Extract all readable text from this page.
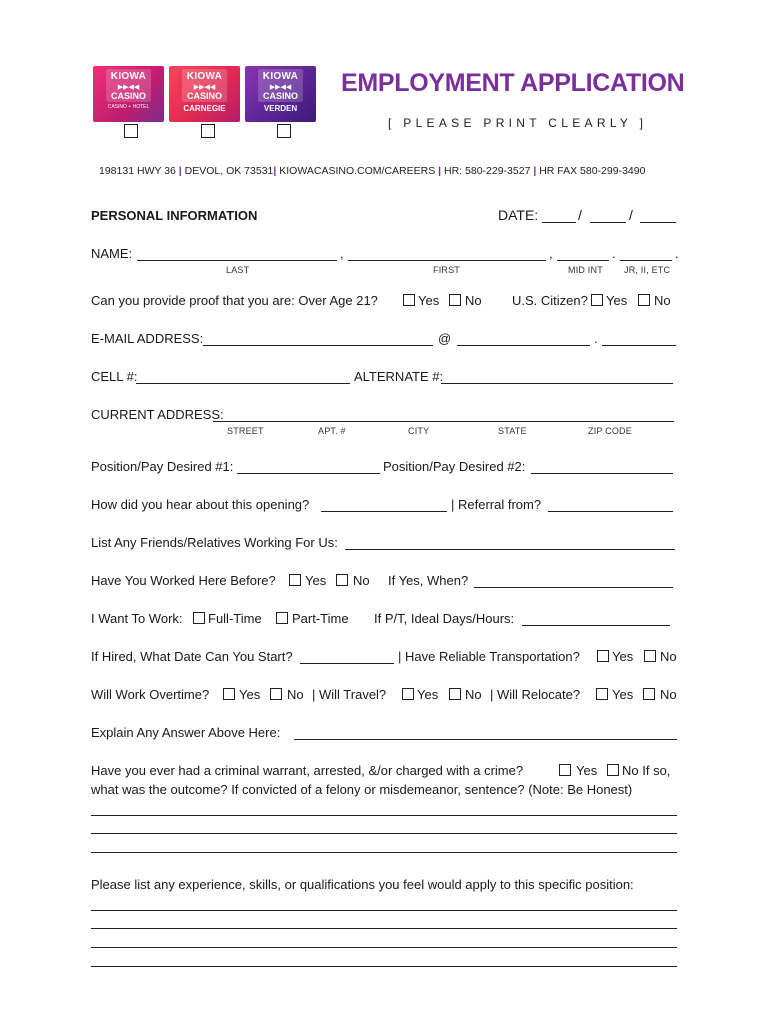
KIOWA
▶▶◀◀
CASINO
CASINO + HOTEL
KIOWA
▶▶◀◀
CASINO
CARNEGIE
KIOWA
▶▶◀◀
CASINO
VERDEN
EMPLOYMENT APPLICATION
[ PLEASE PRINT CLEARLY ]
198131 HWY 36 | DEVOL, OK 73531| KIOWACASINO.COM/CAREERS | HR: 580-229-3527 | HR FAX 580-299-3490
PERSONAL INFORMATION	DATE:	/	/
NAME:	,	,	.	.
LAST	FIRST	MID INT JR, II, ETC
Can you provide proof that you are: Over Age 21?	Yes No U.S. Citizen? Yes No
E-MAIL ADDRESS:	@	.
CELL #:	ALTERNATE #:
CURRENT ADDRESS:
STREET	APT. #	CITY	STATE	ZIP CODE
Position/Pay Desired #1:	Position/Pay Desired #2:
How did you hear about this opening?	| Referral from?
List Any Friends/Relatives Working For Us:
Have You Worked Here Before? Yes No If Yes, When?
I Want To Work: Full-Time Part-Time If P/T, Ideal Days/Hours:
If Hired, What Date Can You Start?	| Have Reliable Transportation? Yes No
Will Work Overtime? Yes No | Will Travel? Yes No | Will Relocate? Yes No
Explain Any Answer Above Here:
Have you ever had a criminal warrant, arrested, &/or charged with a crime?	Yes No If so,
what was the outcome? If convicted of a felony or misdemeanor, sentence? (Note: Be Honest)
Please list any experience, skills, or qualifications you feel would apply to this specific position:
